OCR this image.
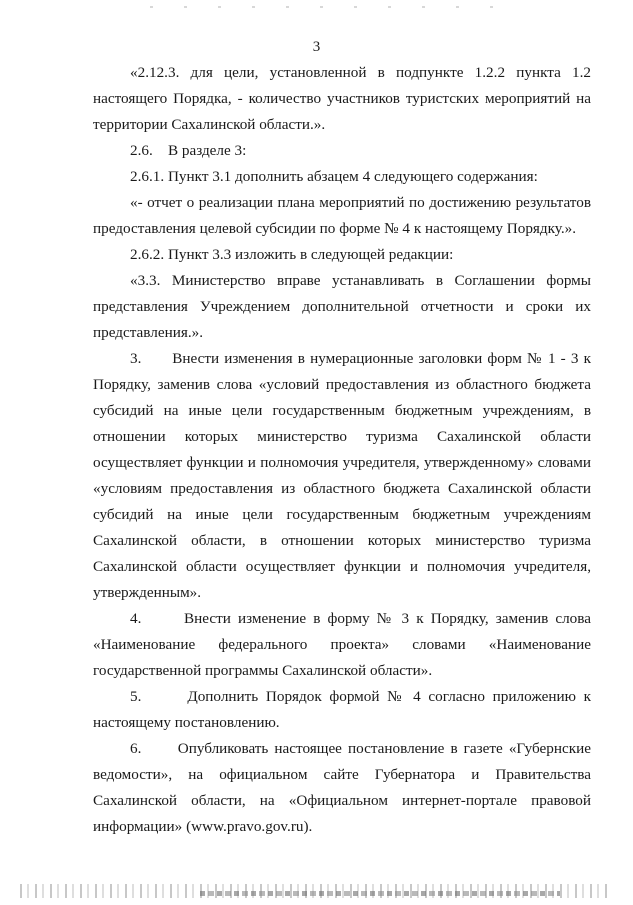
3

«2.12.3. для цели, установленной в подпункте 1.2.2 пункта 1.2 настоящего Порядка, - количество участников туристских мероприятий на территории Сахалинской области.».

2.6.    В разделе 3:

2.6.1. Пункт 3.1 дополнить абзацем 4 следующего содержания:

«- отчет о реализации плана мероприятий по достижению результатов предоставления целевой субсидии по форме № 4 к настоящему Порядку.».

2.6.2. Пункт 3.3 изложить в следующей редакции:

«3.3. Министерство вправе устанавливать в Соглашении формы представления Учреждением дополнительной отчетности и сроки их представления.».

3.      Внести изменения в нумерационные заголовки форм № 1 - 3 к Порядку, заменив слова «условий предоставления из областного бюджета субсидий на иные цели государственным бюджетным учреждениям, в отношении которых министерство туризма Сахалинской области осуществляет функции и полномочия учредителя, утвержденному» словами «условиям предоставления из областного бюджета Сахалинской области субсидий на иные цели государственным бюджетным учреждениям Сахалинской области, в отношении которых министерство туризма Сахалинской области осуществляет функции и полномочия учредителя, утвержденным».

4.      Внести изменение в форму № 3 к Порядку, заменив слова «Наименование федерального проекта» словами «Наименование государственной программы Сахалинской области».

5.      Дополнить Порядок формой № 4 согласно приложению к настоящему постановлению.

6.      Опубликовать настоящее постановление в газете «Губернские ведомости», на официальном сайте Губернатора и Правительства Сахалинской области, на «Официальном интернет-портале правовой информации» (www.pravo.gov.ru).
